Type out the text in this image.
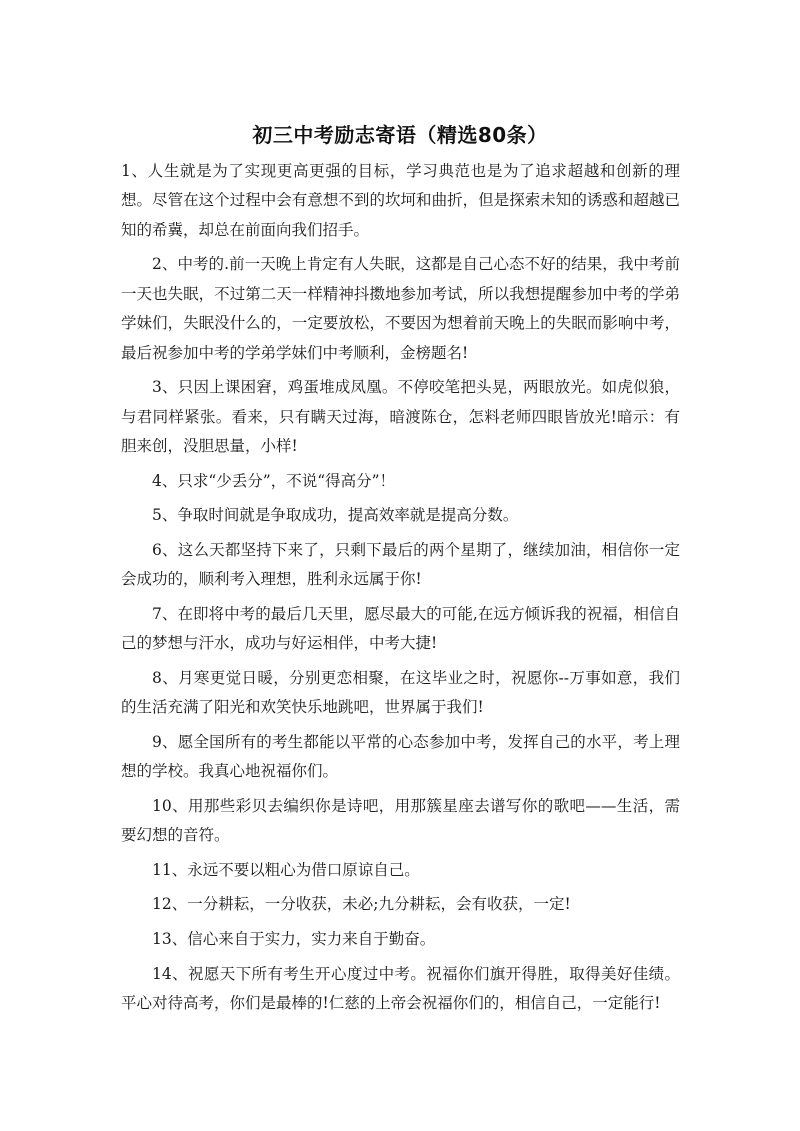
初三中考励志寄语（精选80条）

1、人生就是为了实现更高更强的目标，学习典范也是为了追求超越和创新的理想。尽管在这个过程中会有意想不到的坎坷和曲折，但是探索未知的诱惑和超越已知的希冀，却总在前面向我们招手。

2、中考的.前一天晚上肯定有人失眠，这都是自己心态不好的结果，我中考前一天也失眠，不过第二天一样精神抖擞地参加考试，所以我想提醒参加中考的学弟学妹们，失眠没什么的，一定要放松，不要因为想着前天晚上的失眠而影响中考，最后祝参加中考的学弟学妹们中考顺利，金榜题名!

3、只因上课困窘，鸡蛋堆成凤凰。不停咬笔把头晃，两眼放光。如虎似狼，与君同样紧张。看来，只有瞒天过海，暗渡陈仓，怎料老师四眼皆放光!暗示：有胆来创，没胆思量，小样!

4、只求“少丢分”，不说“得高分”！

5、争取时间就是争取成功，提高效率就是提高分数。

6、这么天都坚持下来了，只剩下最后的两个星期了，继续加油，相信你一定会成功的，顺利考入理想，胜利永远属于你!

7、在即将中考的最后几天里，愿尽最大的可能,在远方倾诉我的祝福，相信自己的梦想与汗水，成功与好运相伴，中考大捷!

8、月寒更觉日暖，分别更恋相聚，在这毕业之时，祝愿你--万事如意，我们的生活充满了阳光和欢笑快乐地跳吧，世界属于我们!

9、愿全国所有的考生都能以平常的心态参加中考，发挥自己的水平，考上理想的学校。我真心地祝福你们。

10、用那些彩贝去编织你是诗吧，用那簇星座去谱写你的歌吧——生活，需要幻想的音符。

11、永远不要以粗心为借口原谅自己。

12、一分耕耘，一分收获，未必;九分耕耘，会有收获，一定!

13、信心来自于实力，实力来自于勤奋。

14、祝愿天下所有考生开心度过中考。祝福你们旗开得胜，取得美好佳绩。平心对待高考，你们是最棒的!仁慈的上帝会祝福你们的，相信自己，一定能行!
